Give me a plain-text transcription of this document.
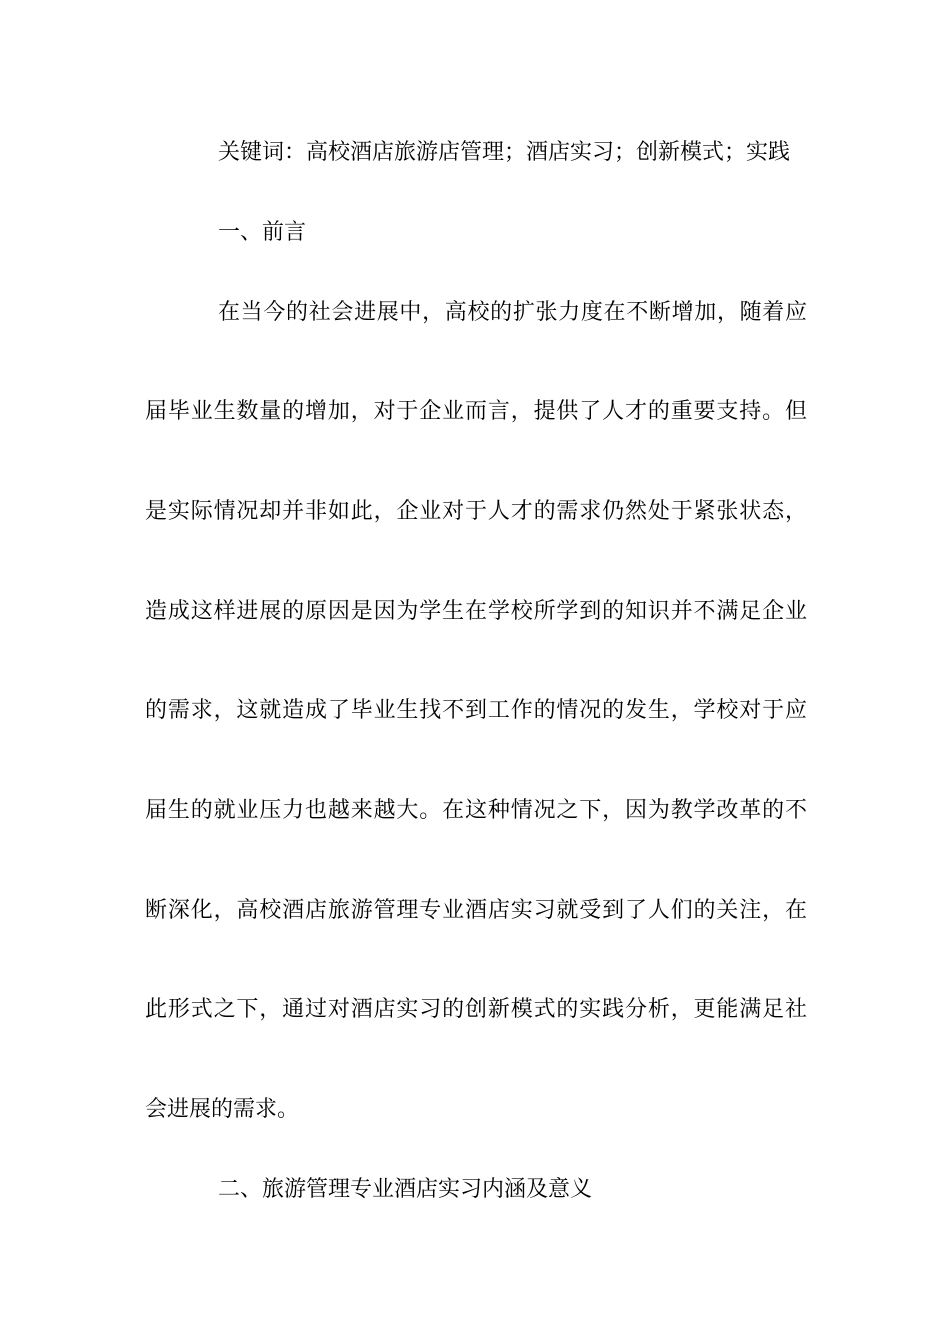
关键词：高校酒店旅游店管理；酒店实习；创新模式；实践
一、前言
在当今的社会进展中，高校的扩张力度在不断增加，随着应
届毕业生数量的增加，对于企业而言，提供了人才的重要支持。但
是实际情况却并非如此，企业对于人才的需求仍然处于紧张状态，
造成这样进展的原因是因为学生在学校所学到的知识并不满足企业
的需求，这就造成了毕业生找不到工作的情况的发生，学校对于应
届生的就业压力也越来越大。在这种情况之下，因为教学改革的不
断深化，高校酒店旅游管理专业酒店实习就受到了人们的关注，在
此形式之下，通过对酒店实习的创新模式的实践分析，更能满足社
会进展的需求。
二、旅游管理专业酒店实习内涵及意义
